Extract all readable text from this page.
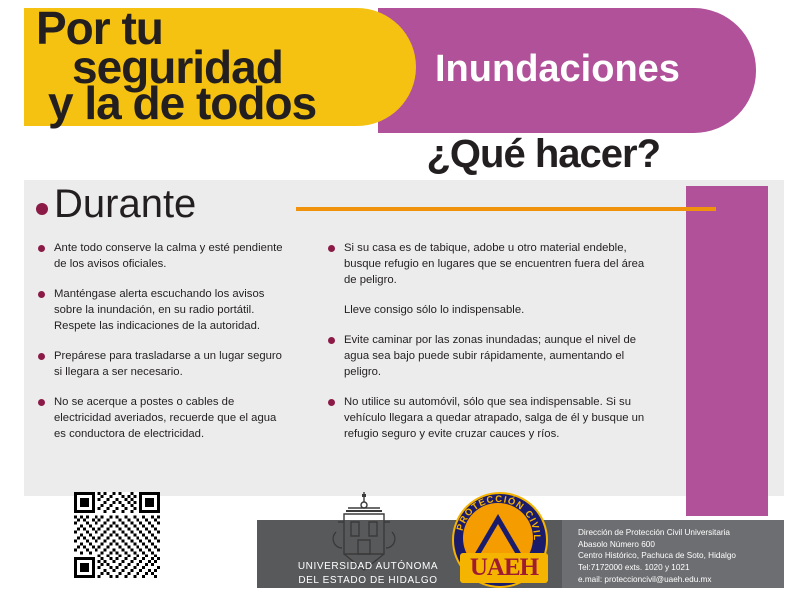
Por tu
seguridad
y la de todos
Inundaciones
¿Qué hacer?
Durante

Ante todo conserve la calma y esté pendiente de los avisos oficiales.

Manténgase alerta escuchando los avisos sobre la inundación, en su radio portátil. Respete las indicaciones de la autoridad.

Prepárese para trasladarse a un lugar seguro si llegara a ser necesario.

No se acerque a postes o cables de electricidad averiados, recuerde que el agua es conductora de electricidad.

Si su casa es de tabique, adobe u otro material endeble, busque refugio en lugares que se encuentren fuera del área de peligro.

Lleve consigo sólo lo indispensable.

Evite caminar por las zonas inundadas; aunque el nivel de agua sea bajo puede subir rápidamente, aumentando el peligro.

No utilice su automóvil, sólo que sea indispensable. Si su vehículo llegara a quedar atrapado, salga de él y busque un refugio seguro y evite cruzar cauces y ríos.

Dirección de Protección Civil Universitaria
Abasolo Número 600
Centro Histórico, Pachuca de Soto, Hidalgo
Tel:7172000 exts. 1020 y 1021
e.mail: proteccioncivil@uaeh.edu.mx
UNIVERSIDAD AUTÓNOMA
DEL ESTADO DE HIDALGO
PROTECCIÓN CIVIL
UAEH
